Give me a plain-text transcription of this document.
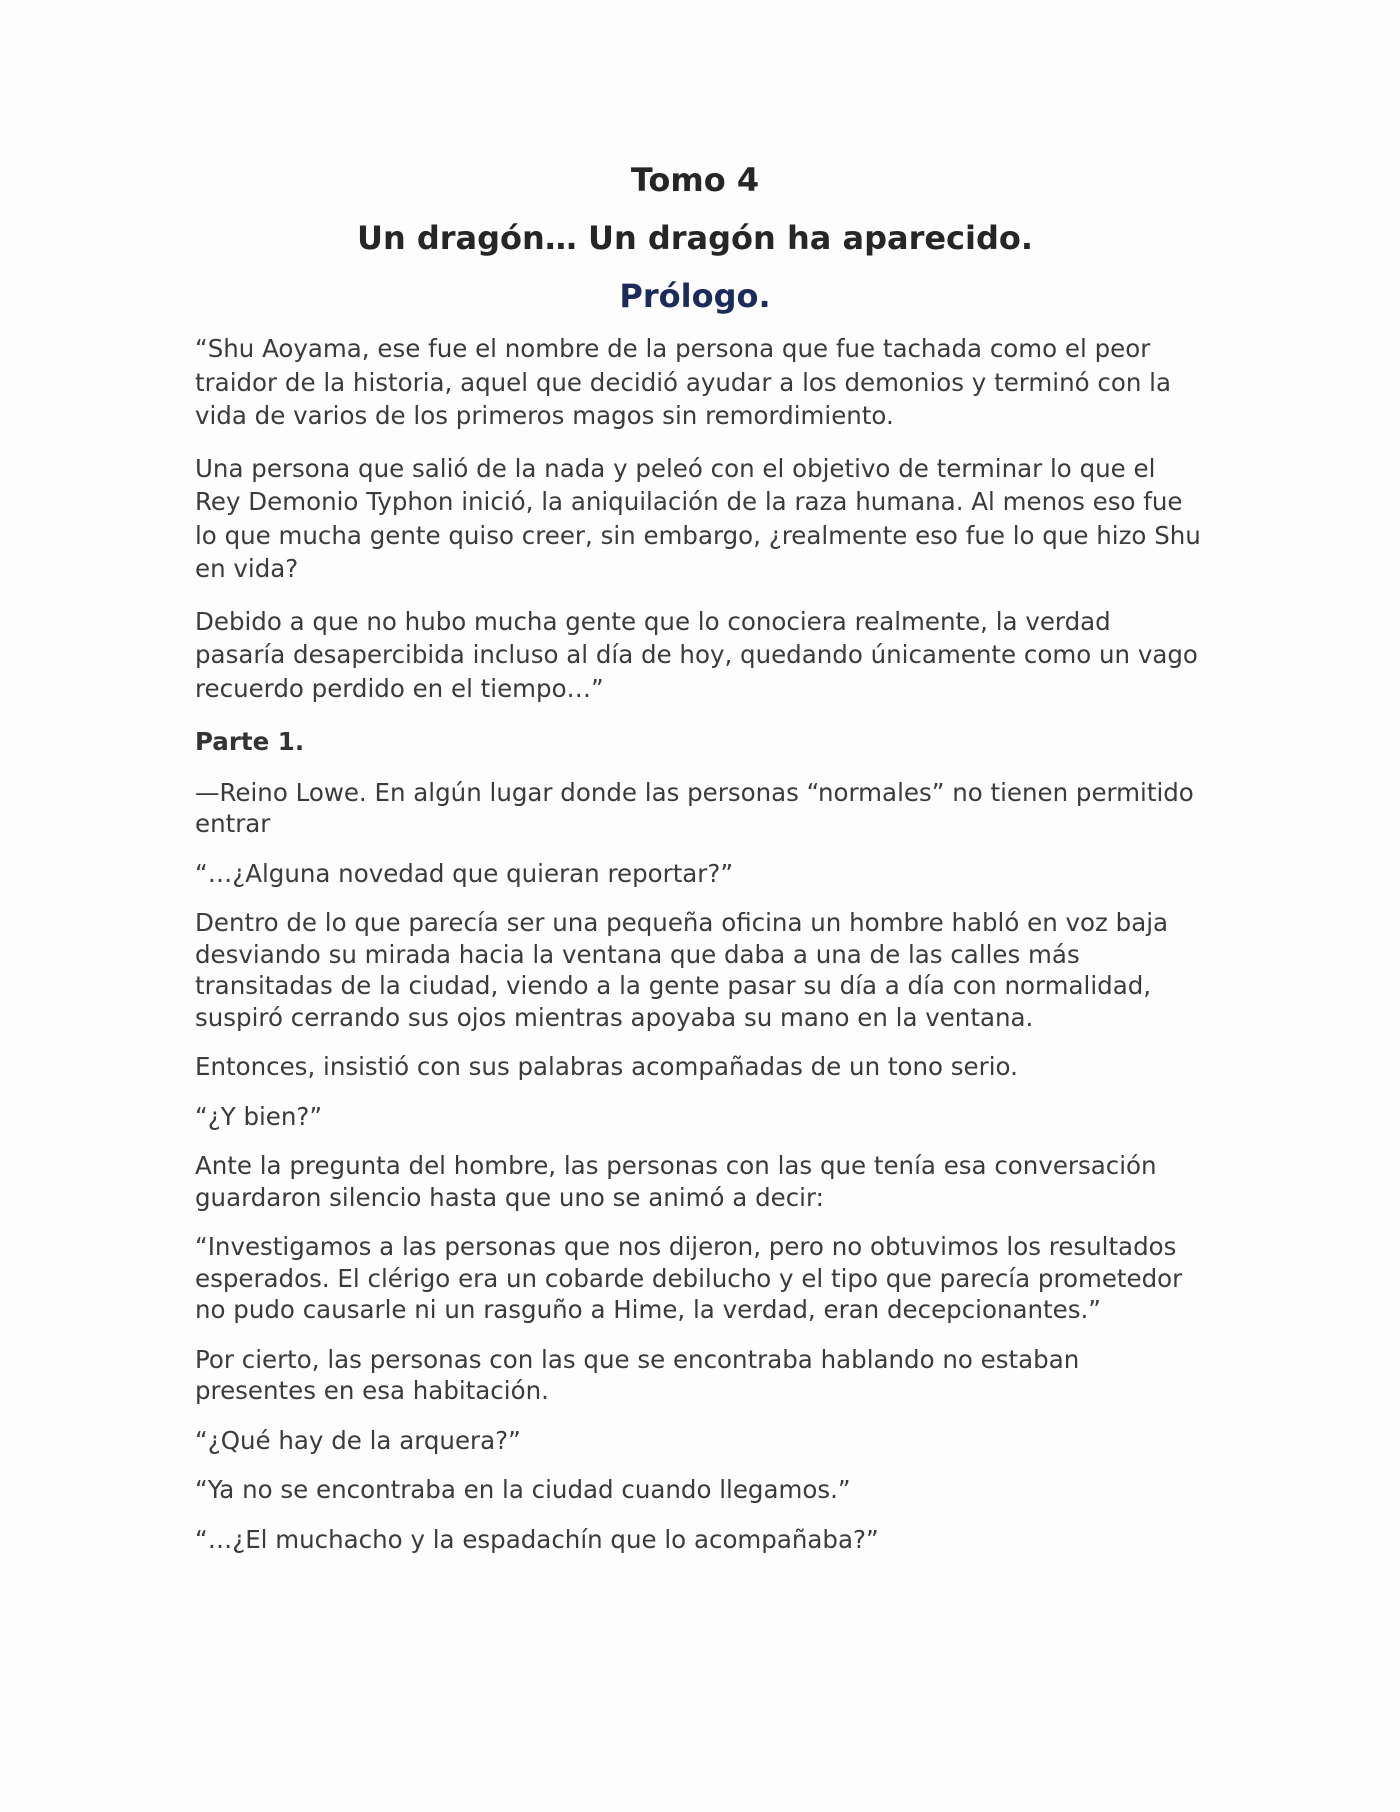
Tomo 4
Un dragón… Un dragón ha aparecido.
Prólogo.

“Shu Aoyama, ese fue el nombre de la persona que fue tachada como el peor traidor de la historia, aquel que decidió ayudar a los demonios y terminó con la vida de varios de los primeros magos sin remordimiento.

Una persona que salió de la nada y peleó con el objetivo de terminar lo que el Rey Demonio Typhon inició, la aniquilación de la raza humana. Al menos eso fue lo que mucha gente quiso creer, sin embargo, ¿realmente eso fue lo que hizo Shu en vida?

Debido a que no hubo mucha gente que lo conociera realmente, la verdad pasaría desapercibida incluso al día de hoy, quedando únicamente como un vago recuerdo perdido en el tiempo…”

Parte 1.

—Reino Lowe. En algún lugar donde las personas “normales” no tienen permitido entrar

“…¿Alguna novedad que quieran reportar?”

Dentro de lo que parecía ser una pequeña oficina un hombre habló en voz baja desviando su mirada hacia la ventana que daba a una de las calles más transitadas de la ciudad, viendo a la gente pasar su día a día con normalidad, suspiró cerrando sus ojos mientras apoyaba su mano en la ventana.

Entonces, insistió con sus palabras acompañadas de un tono serio.

“¿Y bien?”

Ante la pregunta del hombre, las personas con las que tenía esa conversación guardaron silencio hasta que uno se animó a decir:

“Investigamos a las personas que nos dijeron, pero no obtuvimos los resultados esperados. El clérigo era un cobarde debilucho y el tipo que parecía prometedor no pudo causarle ni un rasguño a Hime, la verdad, eran decepcionantes.”

Por cierto, las personas con las que se encontraba hablando no estaban presentes en esa habitación.

“¿Qué hay de la arquera?”

“Ya no se encontraba en la ciudad cuando llegamos.”

“…¿El muchacho y la espadachín que lo acompañaba?”
